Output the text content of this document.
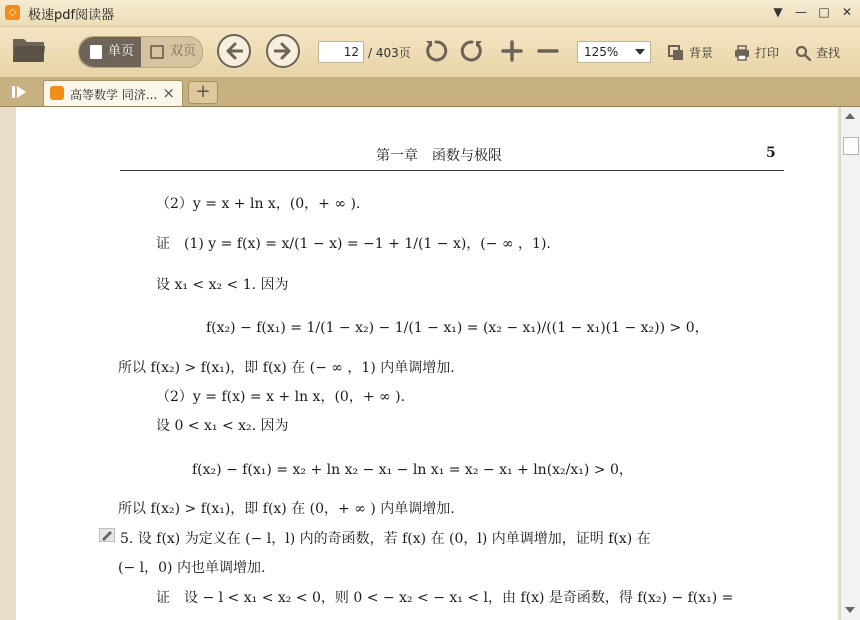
◇ 极速pdf阅读器	▼	— □	✕
单页	双页	12 / 403页	125%	背景	打印	查找
高等数学 同济... ×	+
第一章　函数与极限	5
（2）y = x + ln x，(0，+ ∞ ).
证　(1) y = f(x) = x/(1 − x) = −1 + 1/(1 − x)，(− ∞ ，1).
设 x₁ < x₂ < 1. 因为
f(x₂) − f(x₁) = 1/(1 − x₂) − 1/(1 − x₁) = (x₂ − x₁)/((1 − x₁)(1 − x₂)) > 0，
所以 f(x₂) > f(x₁)，即 f(x) 在 (− ∞ ，1) 内单调增加.
（2）y = f(x) = x + ln x，(0，+ ∞ ).
设 0 < x₁ < x₂. 因为
f(x₂) − f(x₁) = x₂ + ln x₂ − x₁ − ln x₁ = x₂ − x₁ + ln(x₂/x₁) > 0，
所以 f(x₂) > f(x₁)，即 f(x) 在 (0，+ ∞ ) 内单调增加.
5. 设 f(x) 为定义在 (− l，l) 内的奇函数，若 f(x) 在 (0，l) 内单调增加，证明 f(x) 在
(− l，0) 内也单调增加.
证　设 − l < x₁ < x₂ < 0，则 0 < − x₂ < − x₁ < l，由 f(x) 是奇函数，得 f(x₂) − f(x₁) =
